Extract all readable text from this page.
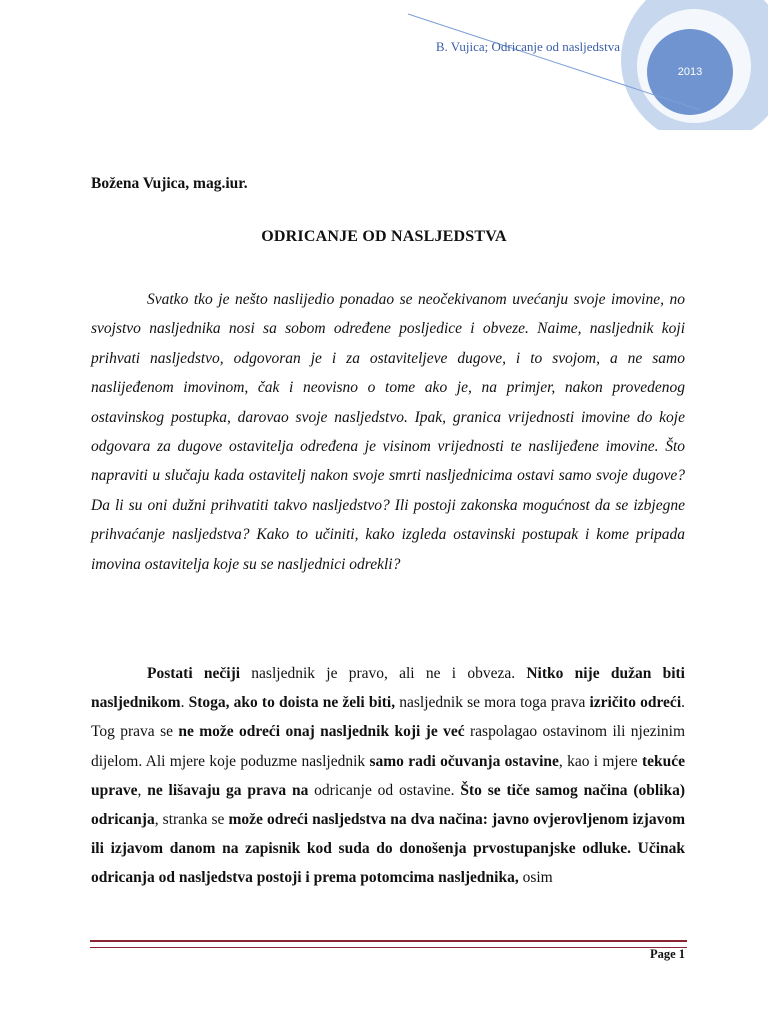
B. Vujica; Odricanje od nasljedstva
2013
Božena Vujica, mag.iur.
ODRICANJE OD NASLJEDSTVA

Svatko tko je nešto naslijedio ponadao se neočekivanom uvećanju svoje imovine, no svojstvo nasljednika nosi sa sobom određene posljedice i obveze. Naime, nasljednik koji prihvati nasljedstvo, odgovoran je i za ostaviteljeve dugove, i to svojom, a ne samo naslijeđenom imovinom, čak i neovisno o tome ako je, na primjer, nakon provedenog ostavinskog postupka, darovao svoje nasljedstvo. Ipak, granica vrijednosti imovine do koje odgovara za dugove ostavitelja određena je visinom vrijednosti te naslijeđene imovine. Što napraviti u slučaju kada ostavitelj nakon svoje smrti nasljednicima ostavi samo svoje dugove? Da li su oni dužni prihvatiti takvo nasljedstvo? Ili postoji zakonska mogućnost da se izbjegne prihvaćanje nasljedstva? Kako to učiniti, kako izgleda ostavinski postupak i kome pripada imovina ostavitelja koje su se nasljednici odrekli?

Postati nečiji nasljednik je pravo, ali ne i obveza. Nitko nije dužan biti nasljednikom. Stoga, ako to doista ne želi biti, nasljednik se mora toga prava izričito odreći. Tog prava se ne može odreći onaj nasljednik koji je već raspolagao ostavinom ili njezinim dijelom. Ali mjere koje poduzme nasljednik samo radi očuvanja ostavine, kao i mjere tekuće uprave, ne lišavaju ga prava na odricanje od ostavine. Što se tiče samog načina (oblika) odricanja, stranka se može odreći nasljedstva na dva načina: javno ovjerovljenom izjavom ili izjavom danom na zapisnik kod suda do donošenja prvostupanjske odluke. Učinak odricanja od nasljedstva postoji i prema potomcima nasljednika, osim

Page 1
